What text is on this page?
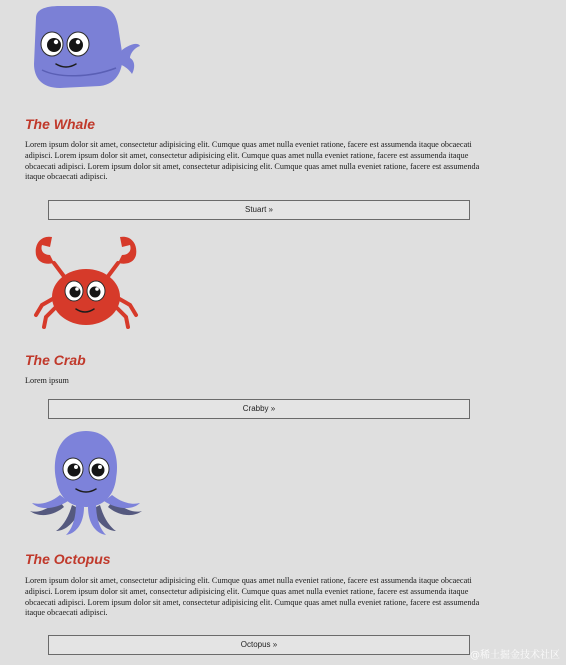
The Whale

Lorem ipsum dolor sit amet, consectetur adipisicing elit. Cumque quas amet nulla eveniet ratione, facere est assumenda itaque obcaecati adipisci. Lorem ipsum dolor sit amet, consectetur adipisicing elit. Cumque quas amet nulla eveniet ratione, facere est assumenda itaque obcaecati adipisci. Lorem ipsum dolor sit amet, consectetur adipisicing elit. Cumque quas amet nulla eveniet ratione, facere est assumenda itaque obcaecati adipisci.

Stuart »
The Crab

Lorem ipsum

Crabby »
The Octopus

Lorem ipsum dolor sit amet, consectetur adipisicing elit. Cumque quas amet nulla eveniet ratione, facere est assumenda itaque obcaecati adipisci. Lorem ipsum dolor sit amet, consectetur adipisicing elit. Cumque quas amet nulla eveniet ratione, facere est assumenda itaque obcaecati adipisci. Lorem ipsum dolor sit amet, consectetur adipisicing elit. Cumque quas amet nulla eveniet ratione, facere est assumenda itaque obcaecati adipisci.

Octopus »
@稀土掘金技术社区
